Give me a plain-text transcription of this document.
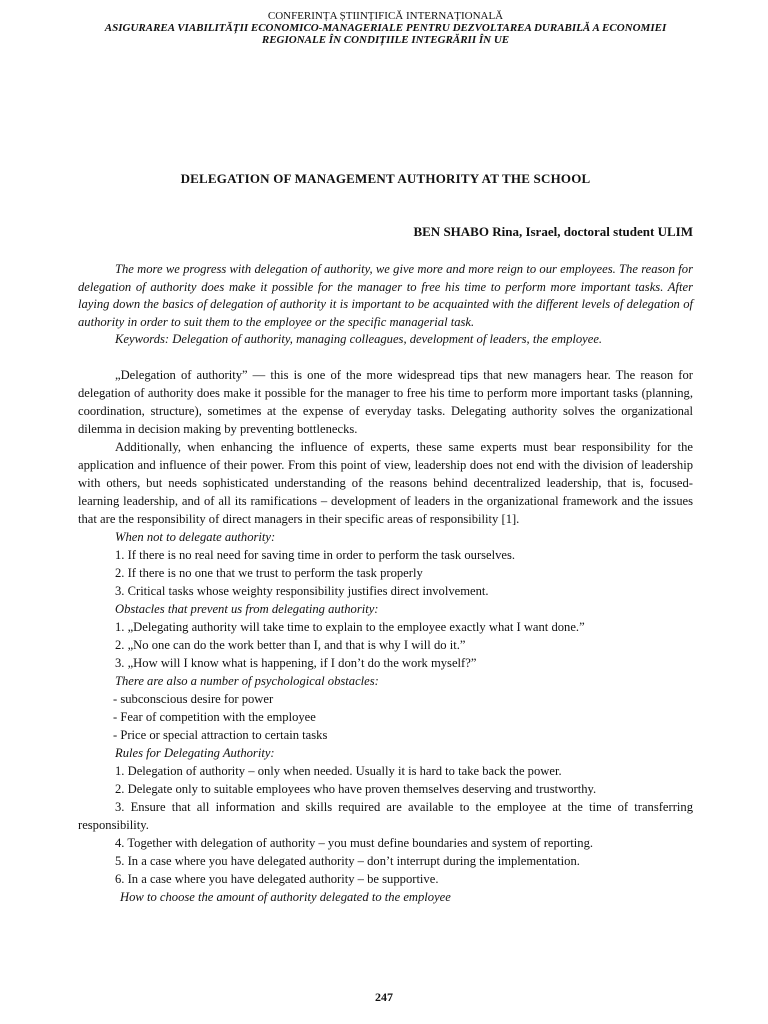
CONFERINȚA ȘTIINȚIFICĂ INTERNAȚIONALĂ
ASIGURAREA VIABILITĂȚII ECONOMICO-MANAGERIALE PENTRU DEZVOLTAREA DURABILĂ A ECONOMIEI
REGIONALE ÎN CONDIȚIILE INTEGRĂRII ÎN UE
DELEGATION OF MANAGEMENT AUTHORITY AT THE SCHOOL
BEN SHABO Rina, Israel, doctoral student ULIM
The more we progress with delegation of authority, we give more and more reign to our employees. The reason for delegation of authority does make it possible for the manager to free his time to perform more important tasks. After laying down the basics of delegation of authority it is important to be acquainted with the different levels of delegation of authority in order to suit them to the employee or the specific managerial task.
Keywords: Delegation of authority, managing colleagues, development of leaders, the employee.

„Delegation of authority” — this is one of the more widespread tips that new managers hear. The reason for delegation of authority does make it possible for the manager to free his time to perform more important tasks (planning, coordination, structure), sometimes at the expense of everyday tasks. Delegating authority solves the organizational dilemma in decision making by preventing bottlenecks.

Additionally, when enhancing the influence of experts, these same experts must bear responsibility for the application and influence of their power. From this point of view, leadership does not end with the division of leadership with others, but needs sophisticated understanding of the reasons behind decentralized leadership, that is, focused-learning leadership, and of all its ramifications – development of leaders in the organizational framework and the issues that are the responsibility of direct managers in their specific areas of responsibility [1].

When not to delegate authority:
1. If there is no real need for saving time in order to perform the task ourselves.
2. If there is no one that we trust to perform the task properly
3. Critical tasks whose weighty responsibility justifies direct involvement.
Obstacles that prevent us from delegating authority:
1. „Delegating authority will take time to explain to the employee exactly what I want done.”
2. „No one can do the work better than I, and that is why I will do it.”
3. „How will I know what is happening, if I don’t do the work myself?”
There are also a number of psychological obstacles:
- subconscious desire for power
- Fear of competition with the employee
- Price or special attraction to certain tasks
Rules for Delegating Authority:
1. Delegation of authority – only when needed. Usually it is hard to take back the power.
2. Delegate only to suitable employees who have proven themselves deserving and trustworthy.
3. Ensure that all information and skills required are available to the employee at the time of transferring responsibility.
4. Together with delegation of authority – you must define boundaries and system of reporting.
5. In a case where you have delegated authority – don’t interrupt during the implementation.
6. In a case where you have delegated authority – be supportive.
How to choose the amount of authority delegated to the employee
247
